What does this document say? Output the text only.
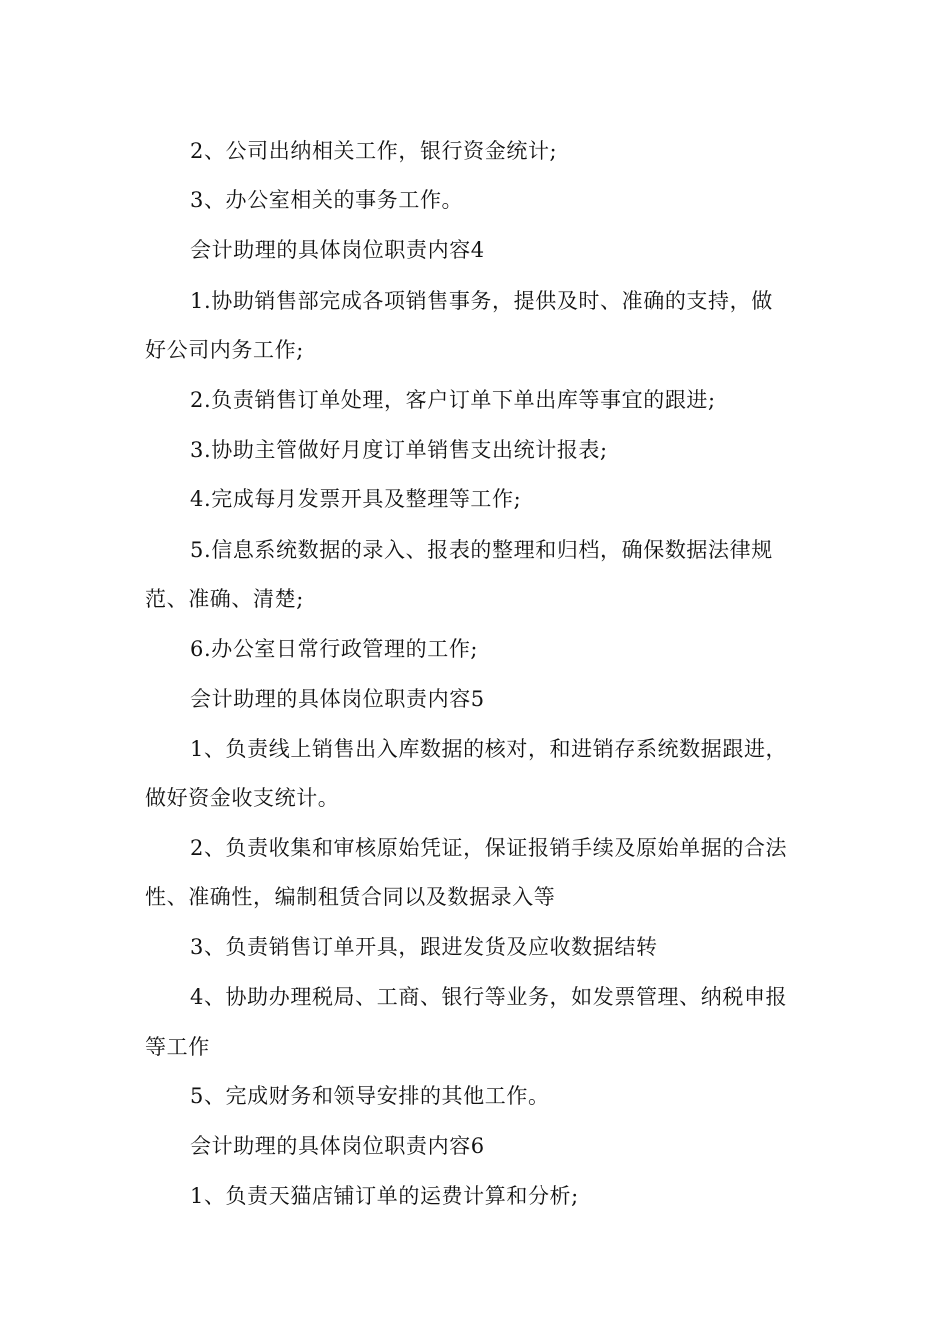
2、公司出纳相关工作，银行资金统计;
3、办公室相关的事务工作。
会计助理的具体岗位职责内容4
1.协助销售部完成各项销售事务，提供及时、准确的支持，做
好公司内务工作;
2.负责销售订单处理，客户订单下单出库等事宜的跟进;
3.协助主管做好月度订单销售支出统计报表;
4.完成每月发票开具及整理等工作;
5.信息系统数据的录入、报表的整理和归档，确保数据法律规
范、准确、清楚;
6.办公室日常行政管理的工作;
会计助理的具体岗位职责内容5
1、负责线上销售出入库数据的核对，和进销存系统数据跟进，
做好资金收支统计。
2、负责收集和审核原始凭证，保证报销手续及原始单据的合法
性、准确性，编制租赁合同以及数据录入等
3、负责销售订单开具，跟进发货及应收数据结转
4、协助办理税局、工商、银行等业务，如发票管理、纳税申报
等工作
5、完成财务和领导安排的其他工作。
会计助理的具体岗位职责内容6
1、负责天猫店铺订单的运费计算和分析;
